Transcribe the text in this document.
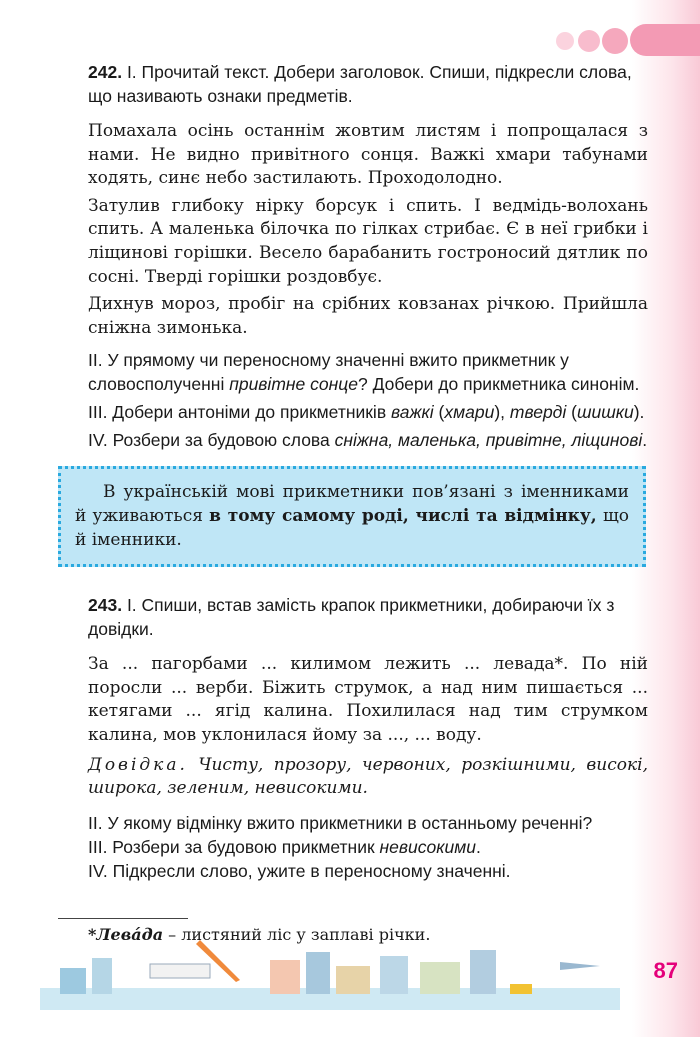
242. І. Прочитай текст. Добери заголовок. Спиши, підкресли слова, що називають ознаки предметів.

Помахала осінь останнім жовтим листям і попрощалася з нами. Не видно привітного сонця. Важкі хмари табунами ходять, синє небо застилають. Проходолодно.

Затулив глибоку нірку борсук і спить. І ведмідь-волохань спить. А маленька білочка по гілках стрибає. Є в неї грибки і ліщинові горішки. Весело барабанить гостроносий дятлик по сосні. Тверді горішки роздовбує.

Дихнув мороз, пробіг на срібних ковзанах річкою. Прийшла сніжна зимонька.

ІІ. У прямому чи переносному значенні вжито прикметник у словосполученні привітне сонце? Добери до прикметника синонім.

ІІІ. Добери антоніми до прикметників важкі (хмари), тверді (шишки).

ІV. Розбери за будовою слова сніжна, маленька, привітне, ліщинові.

В українській мові прикметники пов’язані з іменниками й уживаються в тому самому роді, числі та відмінку, що й іменники.

243. І. Спиши, встав замість крапок прикметники, добираючи їх з довідки.

За ... пагорбами ... килимом лежить ... левада*. По ній поросли ... верби. Біжить струмок, а над ним пишається ... кетягами ... ягід калина. Похилилася над тим струмком калина, мов уклонилася йому за ..., ... воду.

Довідка. Чисту, прозору, червоних, розкішними, високі, широка, зеленим, невисокими.

ІІ. У якому відмінку вжито прикметники в останньому реченні?

ІІІ. Розбери за будовою прикметник невисокими.

ІV. Підкресли слово, ужите в переносному значенні.

*Левáда – листяний ліс у заплаві річки.
87
